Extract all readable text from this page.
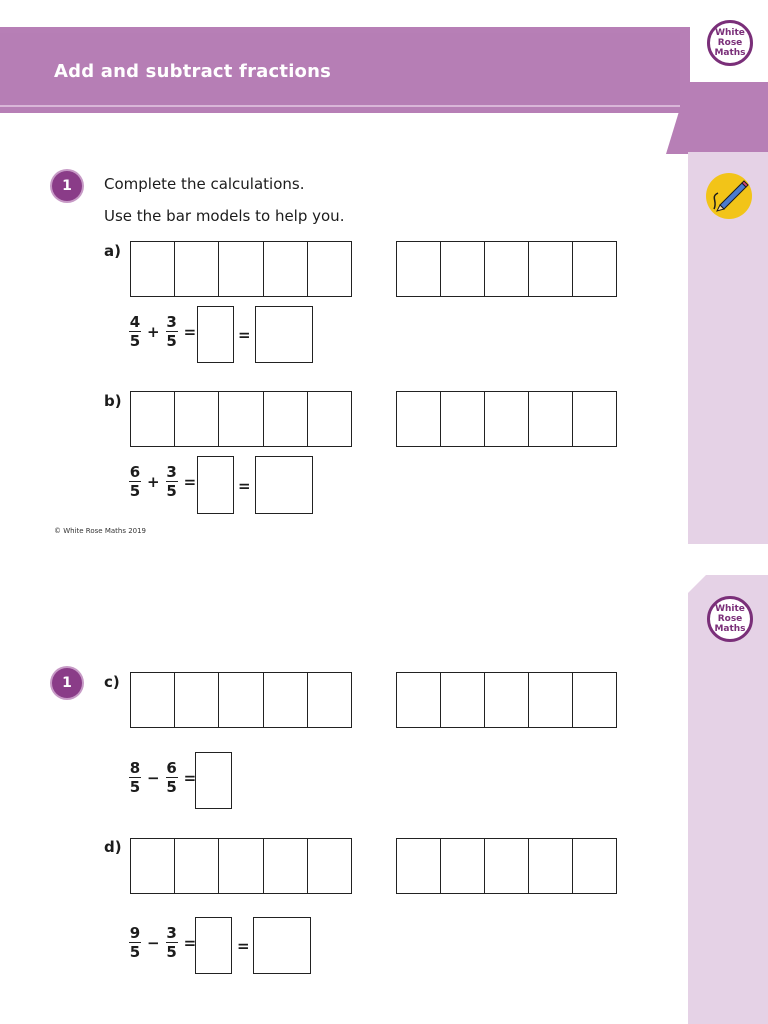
Add and subtract fractions
White
Rose
Maths
1	Complete the calculations.
Use the bar models to help you.
a)
$\frac{4}{5} + \frac{3}{5}$ =	=
b)
$\frac{6}{5} + \frac{3}{5}$ =	=
© White Rose Maths 2019
White
Rose
Maths
1	c)
$\frac{8}{5} - \frac{6}{5}$ =
d)
$\frac{9}{5} - \frac{3}{5}$ =	=
